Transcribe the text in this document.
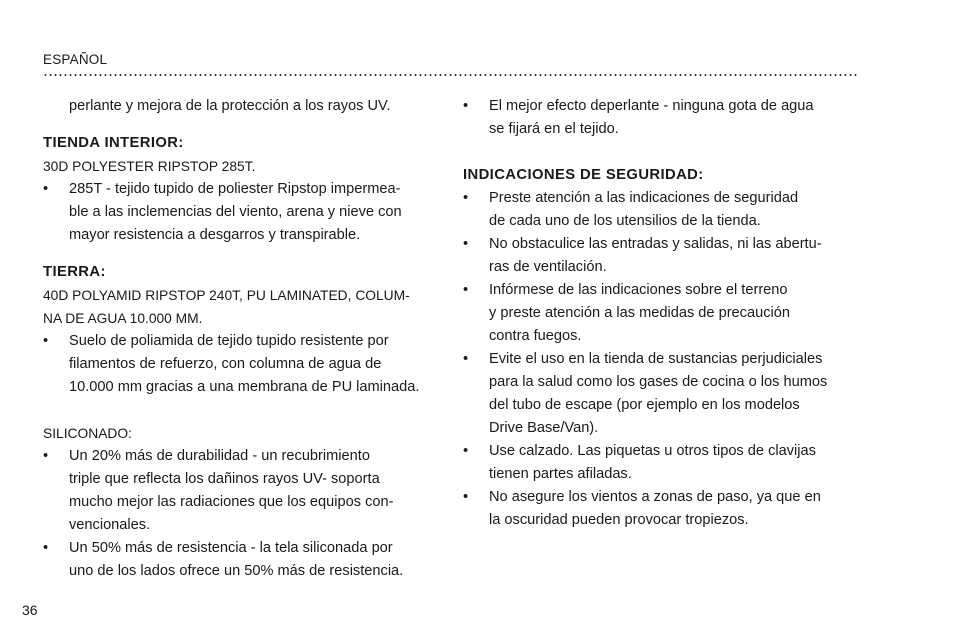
ESPAÑOL
perlante y mejora de la protección a los rayos UV.
TIENDA INTERIOR:
30D POLYESTER RIPSTOP 285T.
• 285T - tejido tupido de poliester Ripstop impermea-
ble a las inclemencias del viento, arena y nieve con
mayor resistencia a desgarros y transpirable.
TIERRA:
40D POLYAMID RIPSTOP 240T, PU LAMINATED, COLUM-
NA DE AGUA 10.000 MM.
• Suelo de poliamida de tejido tupido resistente por
filamentos de refuerzo, con columna de agua de
10.000 mm gracias a una membrana de PU laminada.
SILICONADO:
• Un 20% más de durabilidad - un recubrimiento
triple que reflecta los dañinos rayos UV- soporta
mucho mejor las radiaciones que los equipos con-
vencionales.
• Un 50% más de resistencia - la tela siliconada por
uno de los lados ofrece un 50% más de resistencia.
• El mejor efecto deperlante - ninguna gota de agua
se fijará en el tejido.
INDICACIONES DE SEGURIDAD:
• Preste atención a las indicaciones de seguridad
de cada uno de los utensilios de la tienda.
• No obstaculice las entradas y salidas, ni las abertu-
ras de ventilación.
• Infórmese de las indicaciones sobre el terreno
y preste atención a las medidas de precaución
contra fuegos.
• Evite el uso en la tienda de sustancias perjudiciales
para la salud como los gases de cocina o los humos
del tubo de escape (por ejemplo en los modelos
Drive Base/Van).
• Use calzado. Las piquetas u otros tipos de clavijas
tienen partes afiladas.
• No asegure los vientos a zonas de paso, ya que en
la oscuridad pueden provocar tropiezos.
36
